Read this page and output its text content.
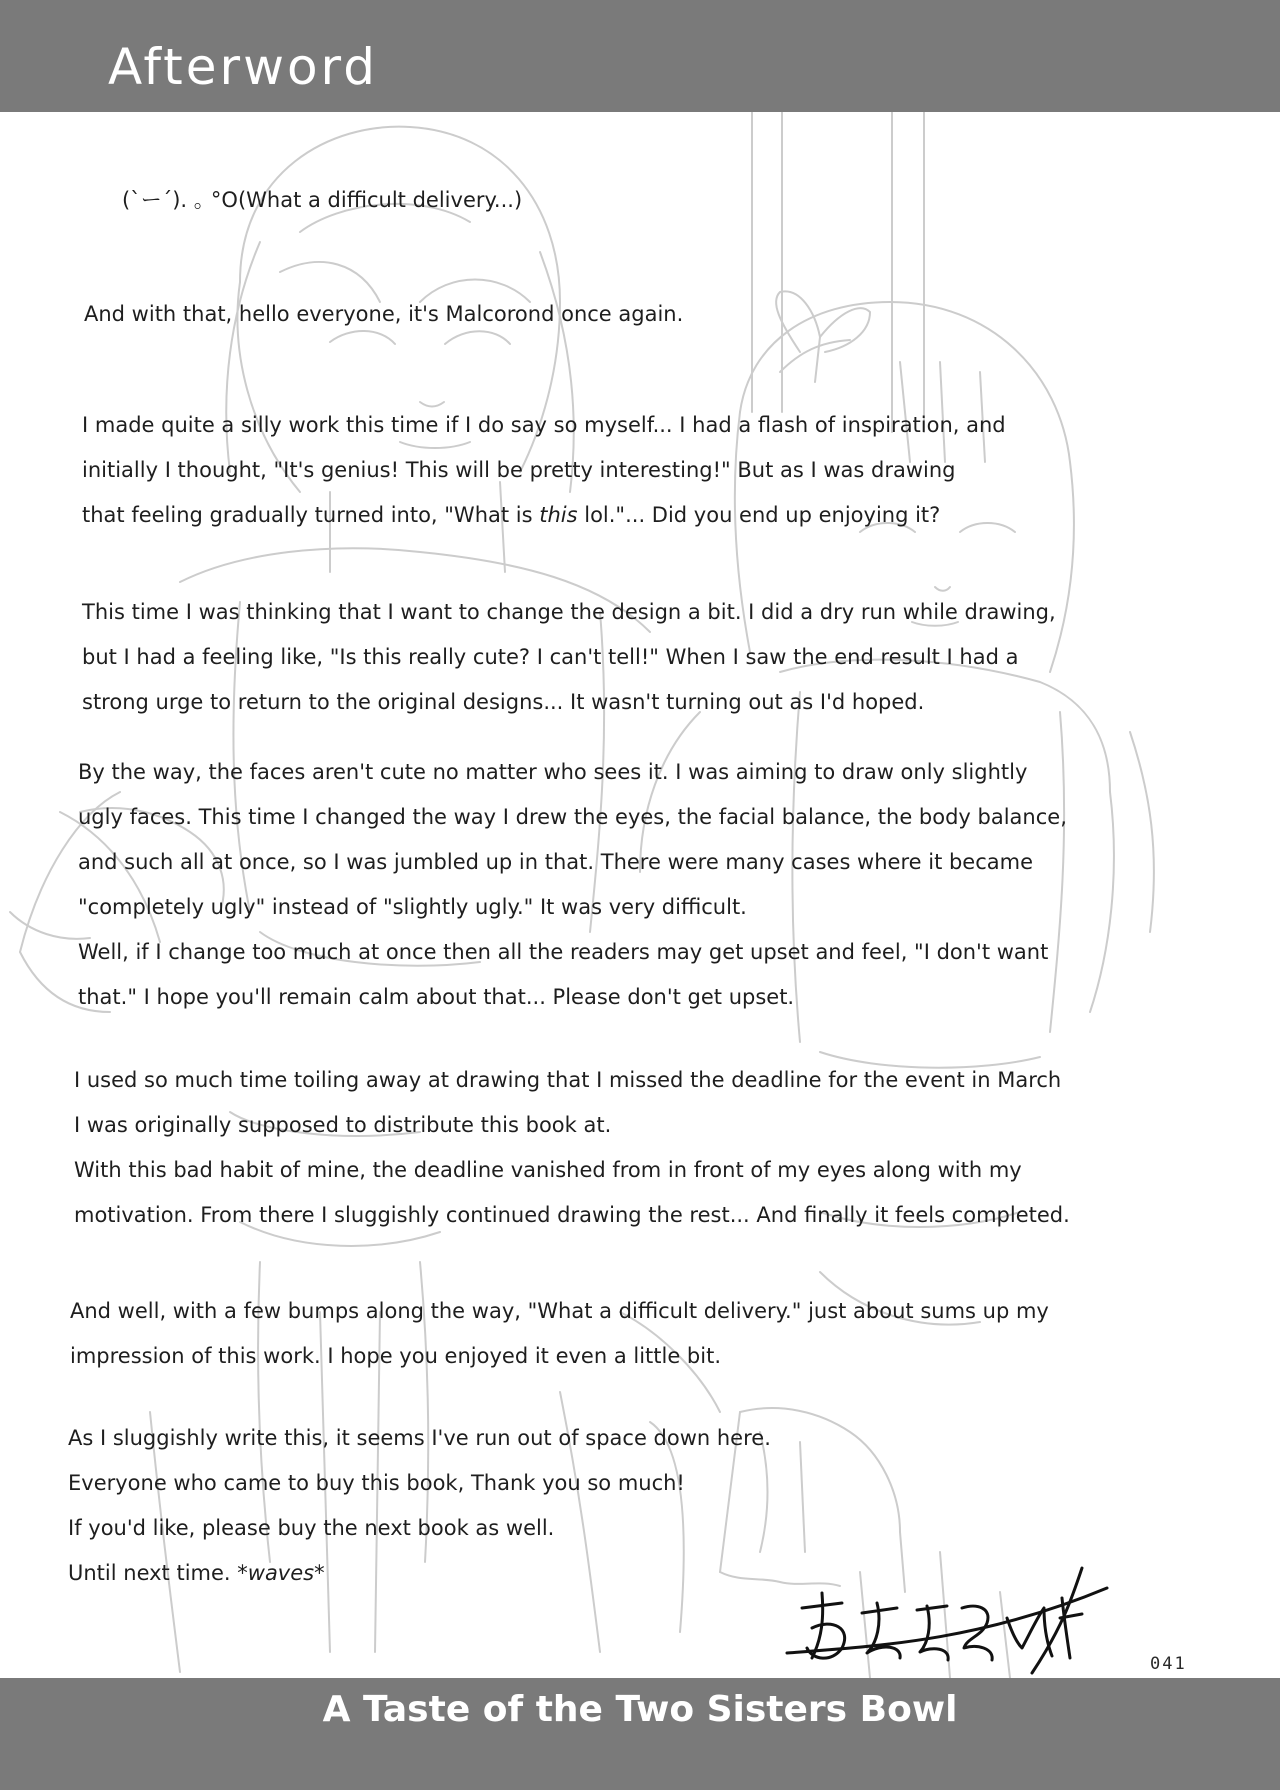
Afterword
(`ー´). ｡ °O(What a difficult delivery...)

And with that, hello everyone, it's Malcorond once again.

I made quite a silly work this time if I do say so myself... I had a flash of inspiration, and

initially I thought, "It's genius! This will be pretty interesting!" But as I was drawing

that feeling gradually turned into, "What is this lol."... Did you end up enjoying it?

This time I was thinking that I want to change the design a bit. I did a dry run while drawing,

but I had a feeling like, "Is this really cute? I can't tell!" When I saw the end result I had a

strong urge to return to the original designs... It wasn't turning out as I'd hoped.

By the way, the faces aren't cute no matter who sees it. I was aiming to draw only slightly

ugly faces. This time I changed the way I drew the eyes, the facial balance, the body balance,

and such all at once, so I was jumbled up in that. There were many cases where it became

"completely ugly" instead of "slightly ugly." It was very difficult.

Well, if I change too much at once then all the readers may get upset and feel, "I don't want

that." I hope you'll remain calm about that... Please don't get upset.

I used so much time toiling away at drawing that I missed the deadline for the event in March

I was originally supposed to distribute this book at.

With this bad habit of mine, the deadline vanished from in front of my eyes along with my

motivation. From there I sluggishly continued drawing the rest... And finally it feels completed.

And well, with a few bumps along the way, "What a difficult delivery." just about sums up my

impression of this work. I hope you enjoyed it even a little bit.

As I sluggishly write this, it seems I've run out of space down here.

Everyone who came to buy this book, Thank you so much!

If you'd like, please buy the next book as well.

Until next time. *waves*

041
A Taste of the Two Sisters Bowl
